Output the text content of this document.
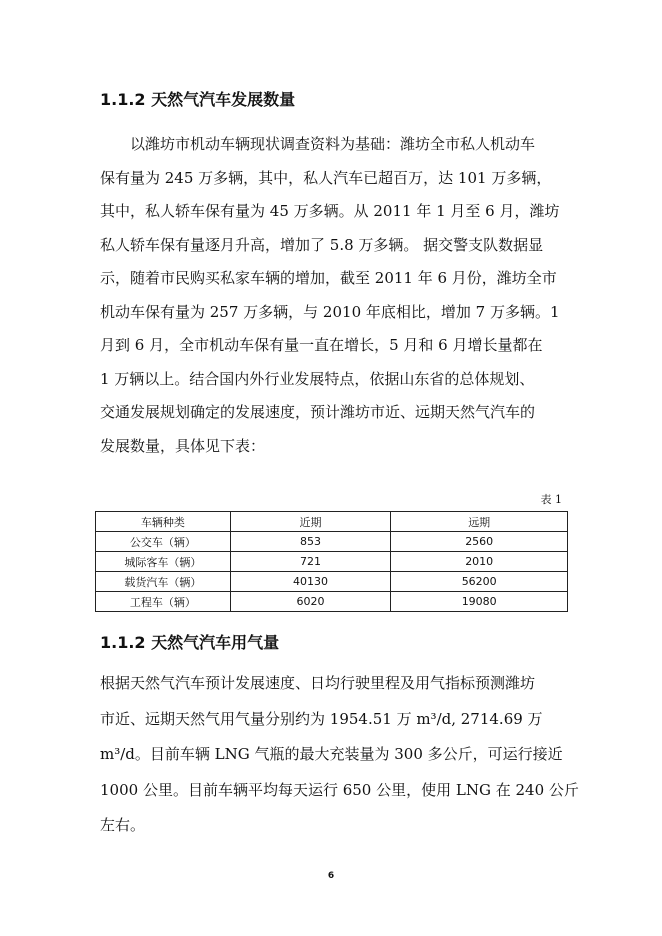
1.1.2 天然气汽车发展数量
以潍坊市机动车辆现状调查资料为基础：潍坊全市私人机动车
保有量为 245 万多辆，其中，私人汽车已超百万，达 101 万多辆，
其中，私人轿车保有量为 45 万多辆。从 2011 年 1 月至 6 月，潍坊
私人轿车保有量逐月升高，增加了 5.8 万多辆。 据交警支队数据显
示，随着市民购买私家车辆的增加，截至 2011 年 6 月份，潍坊全市
机动车保有量为 257 万多辆，与 2010 年底相比，增加 7 万多辆。1
月到 6 月，全市机动车保有量一直在增长，5 月和 6 月增长量都在
1 万辆以上。结合国内外行业发展特点，依据山东省的总体规划、
交通发展规划确定的发展速度，预计潍坊市近、远期天然气汽车的
发展数量，具体见下表：
表 1
车辆种类	近期	远期
公交车（辆）	853	2560
城际客车（辆）	721	2010
载货汽车（辆）	40130	56200
工程车（辆）	6020	19080
1.1.2 天然气汽车用气量
根据天然气汽车预计发展速度、日均行驶里程及用气指标预测潍坊
市近、远期天然气用气量分别约为 1954.51 万 m³/d, 2714.69 万
m³/d。目前车辆 LNG 气瓶的最大充装量为 300 多公斤，可运行接近
1000 公里。目前车辆平均每天运行 650 公里，使用 LNG 在 240 公斤
左右。
6
